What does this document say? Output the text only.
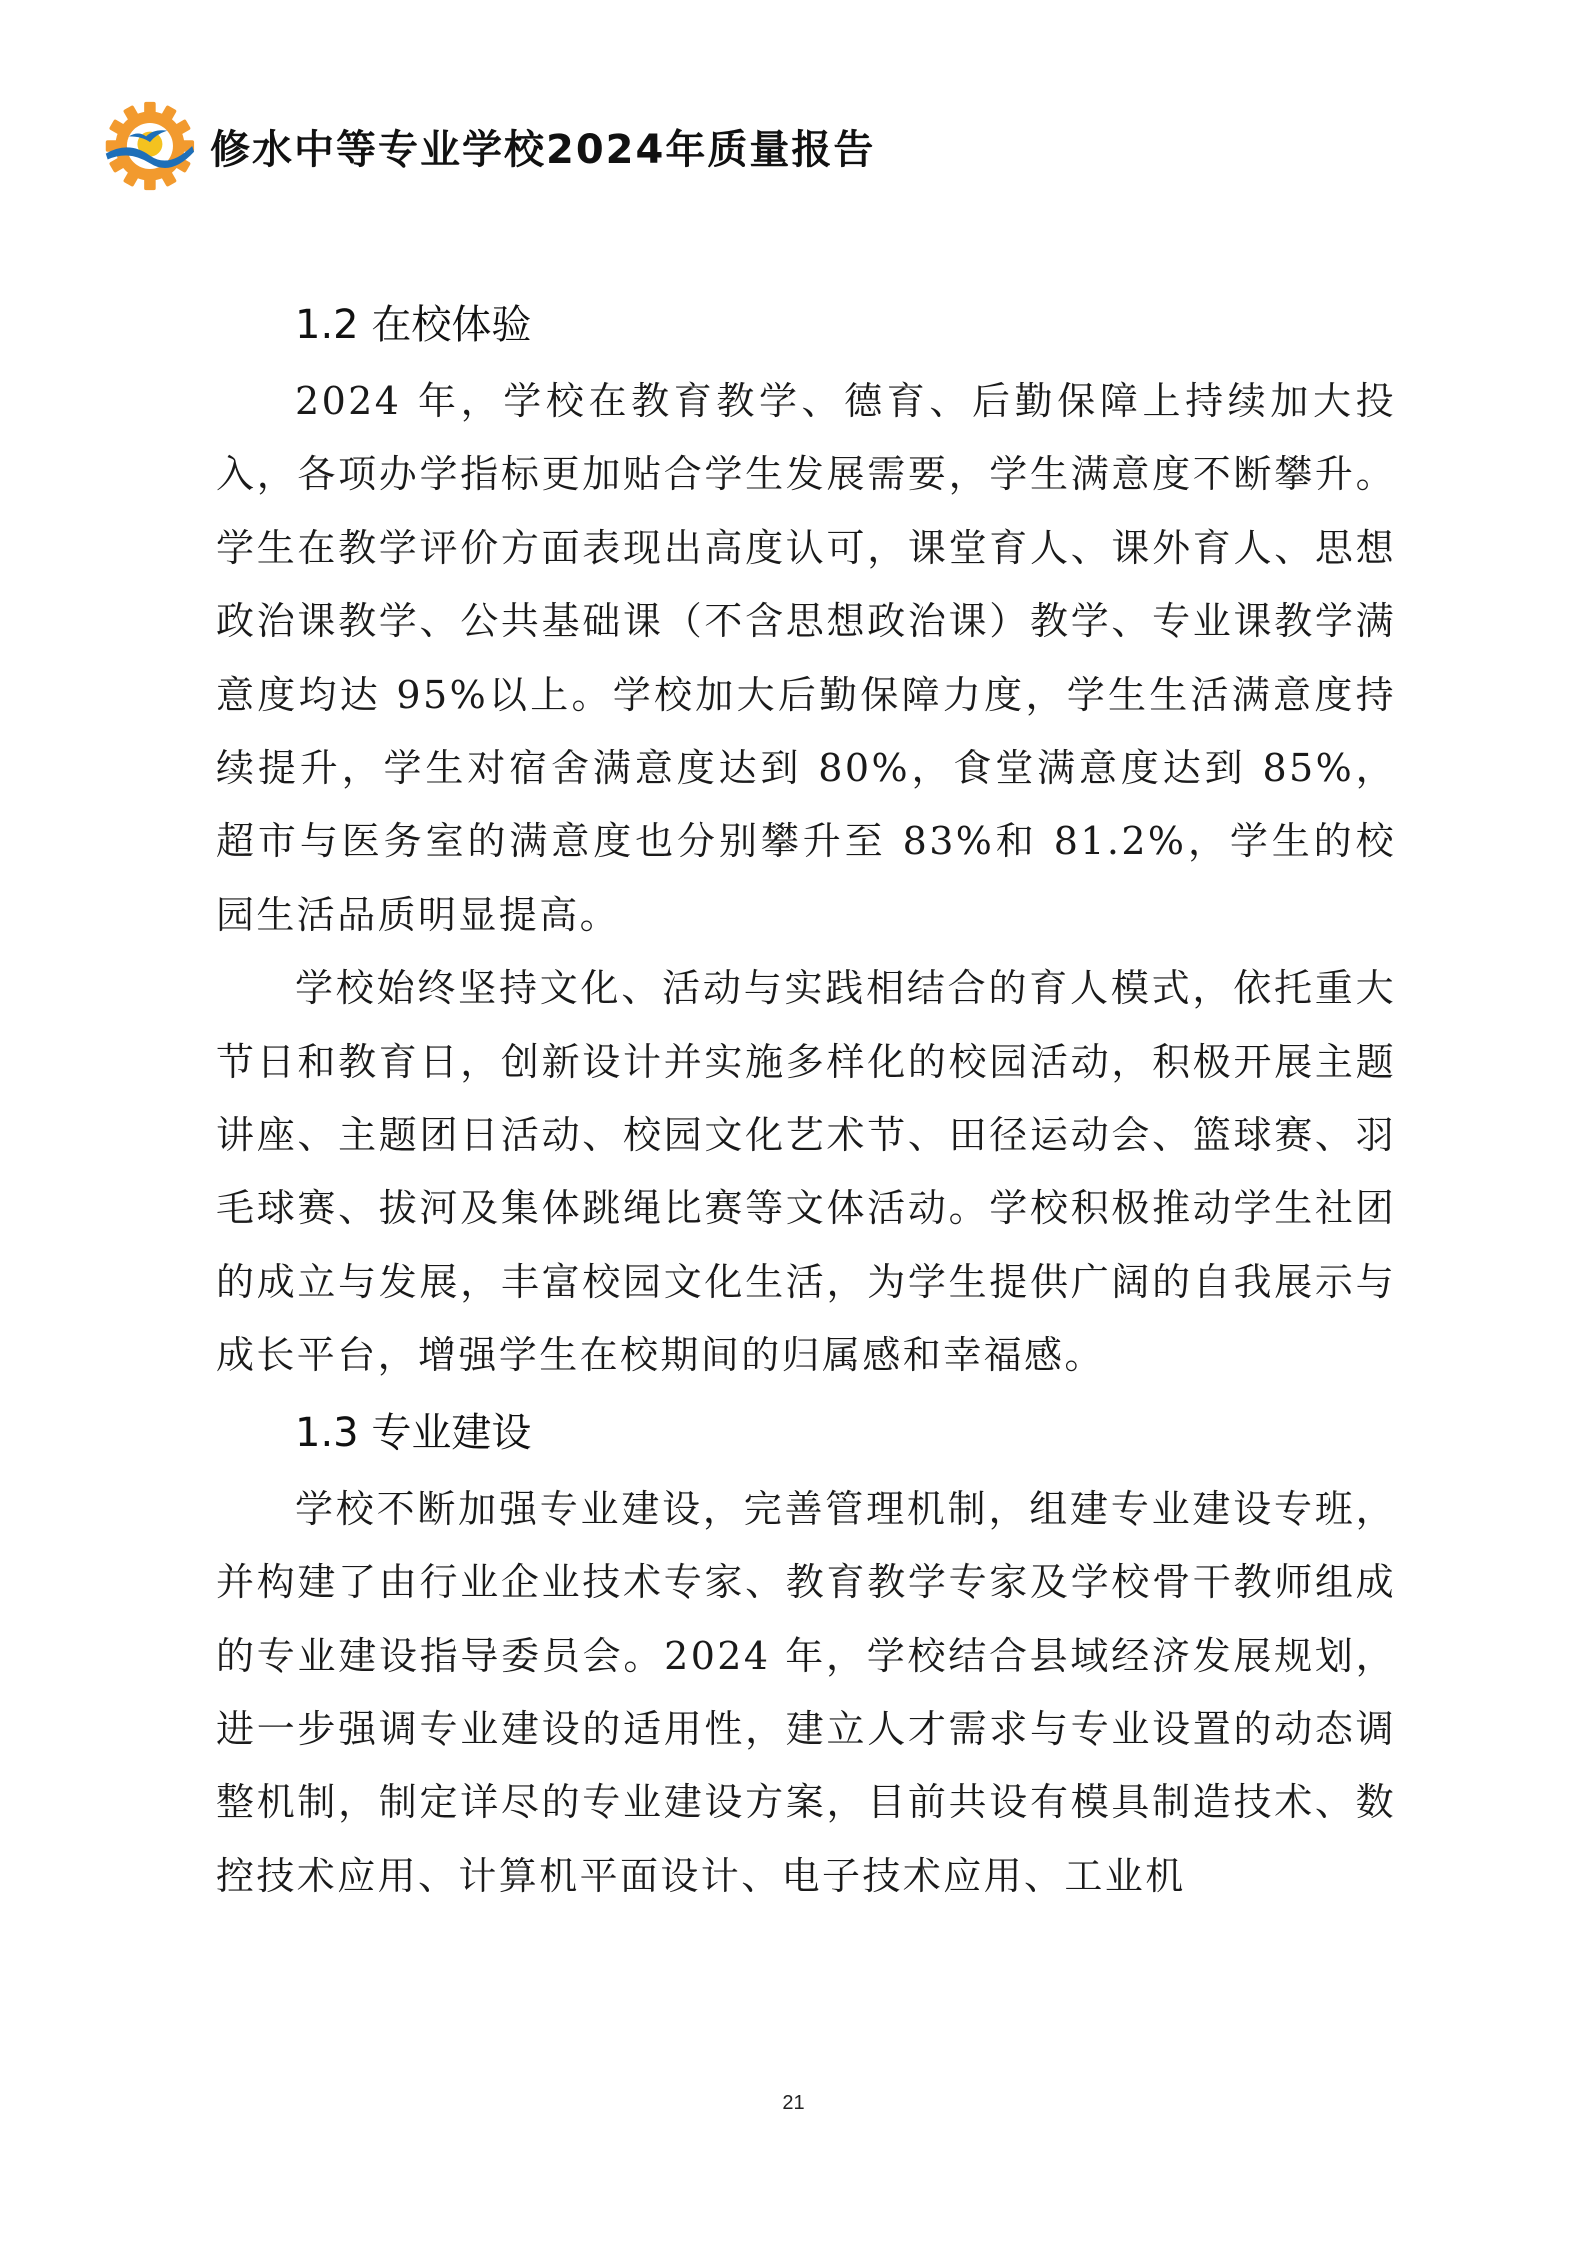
修水中等专业学校2024年质量报告
1.2 在校体验

2024 年，学校在教育教学、德育、后勤保障上持续加大投入，各项办学指标更加贴合学生发展需要，学生满意度不断攀升。学生在教学评价方面表现出高度认可，课堂育人、课外育人、思想政治课教学、公共基础课（不含思想政治课）教学、专业课教学满意度均达 95%以上。学校加大后勤保障力度，学生生活满意度持续提升，学生对宿舍满意度达到 80%，食堂满意度达到 85%，超市与医务室的满意度也分别攀升至 83%和 81.2%，学生的校园生活品质明显提高。

学校始终坚持文化、活动与实践相结合的育人模式，依托重大节日和教育日，创新设计并实施多样化的校园活动，积极开展主题讲座、主题团日活动、校园文化艺术节、田径运动会、篮球赛、羽毛球赛、拔河及集体跳绳比赛等文体活动。学校积极推动学生社团的成立与发展，丰富校园文化生活，为学生提供广阔的自我展示与成长平台，增强学生在校期间的归属感和幸福感。

1.3 专业建设

学校不断加强专业建设，完善管理机制，组建专业建设专班，并构建了由行业企业技术专家、教育教学专家及学校骨干教师组成的专业建设指导委员会。2024 年，学校结合县域经济发展规划，进一步强调专业建设的适用性，建立人才需求与专业设置的动态调整机制，制定详尽的专业建设方案，目前共设有模具制造技术、数控技术应用、计算机平面设计、电子技术应用、工业机

21
